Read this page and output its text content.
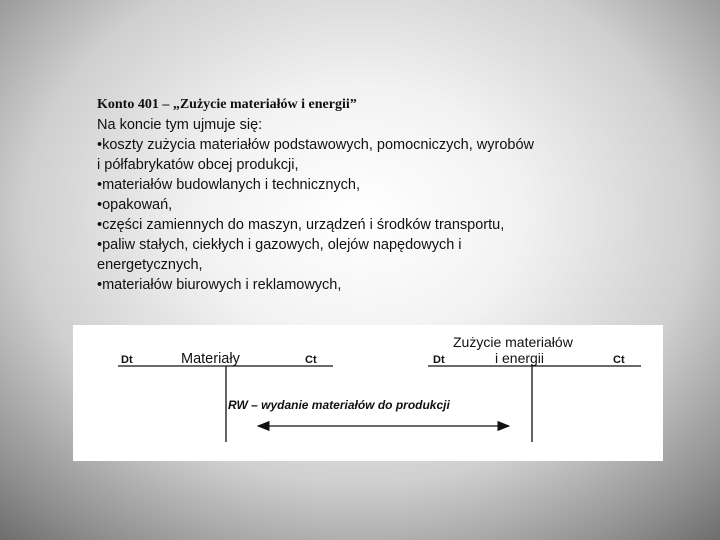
Konto 401 – „Zużycie materiałów i energii”
Na koncie tym ujmuje się:
•koszty zużycia materiałów podstawowych, pomocniczych, wyrobów
i półfabrykatów obcej produkcji,
•materiałów budowlanych i technicznych,
•opakowań,
•części zamiennych do maszyn, urządzeń i środków transportu,
•paliw stałych, ciekłych i gazowych, olejów napędowych i
energetycznych,
•materiałów biurowych i reklamowych,
Dt	Materiały	Ct
Zużycie materiałów
Dt	i energii	Ct
RW – wydanie materiałów do produkcji
